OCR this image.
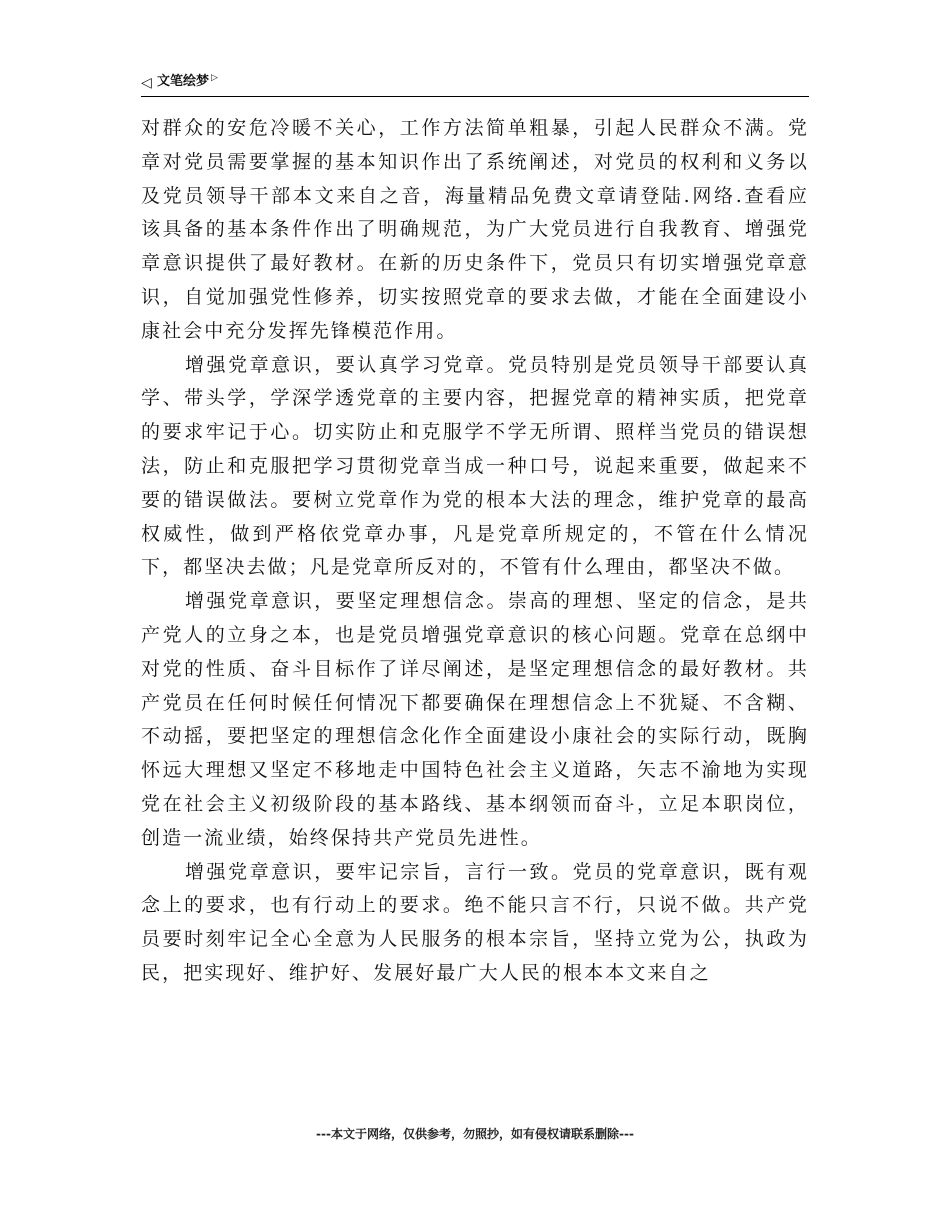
◁ 文笔绘梦 ▷

对群众的安危冷暖不关心，工作方法简单粗暴，引起人民群众不满。党章对党员需要掌握的基本知识作出了系统阐述，对党员的权利和义务以及党员领导干部本文来自之音，海量精品免费文章请登陆.网络.查看应该具备的基本条件作出了明确规范，为广大党员进行自我教育、增强党章意识提供了最好教材。在新的历史条件下，党员只有切实增强党章意识，自觉加强党性修养，切实按照党章的要求去做，才能在全面建设小康社会中充分发挥先锋模范作用。

增强党章意识，要认真学习党章。党员特别是党员领导干部要认真学、带头学，学深学透党章的主要内容，把握党章的精神实质，把党章的要求牢记于心。切实防止和克服学不学无所谓、照样当党员的错误想法，防止和克服把学习贯彻党章当成一种口号，说起来重要，做起来不要的错误做法。要树立党章作为党的根本大法的理念，维护党章的最高权威性，做到严格依党章办事，凡是党章所规定的，不管在什么情况下，都坚决去做；凡是党章所反对的，不管有什么理由，都坚决不做。

增强党章意识，要坚定理想信念。崇高的理想、坚定的信念，是共产党人的立身之本，也是党员增强党章意识的核心问题。党章在总纲中对党的性质、奋斗目标作了详尽阐述，是坚定理想信念的最好教材。共产党员在任何时候任何情况下都要确保在理想信念上不犹疑、不含糊、不动摇，要把坚定的理想信念化作全面建设小康社会的实际行动，既胸怀远大理想又坚定不移地走中国特色社会主义道路，矢志不渝地为实现党在社会主义初级阶段的基本路线、基本纲领而奋斗，立足本职岗位，创造一流业绩，始终保持共产党员先进性。

增强党章意识，要牢记宗旨，言行一致。党员的党章意识，既有观念上的要求，也有行动上的要求。绝不能只言不行，只说不做。共产党员要时刻牢记全心全意为人民服务的根本宗旨，坚持立党为公，执政为民，把实现好、维护好、发展好最广大人民的根本本文来自之

---本文于网络，仅供参考，勿照抄，如有侵权请联系删除---
